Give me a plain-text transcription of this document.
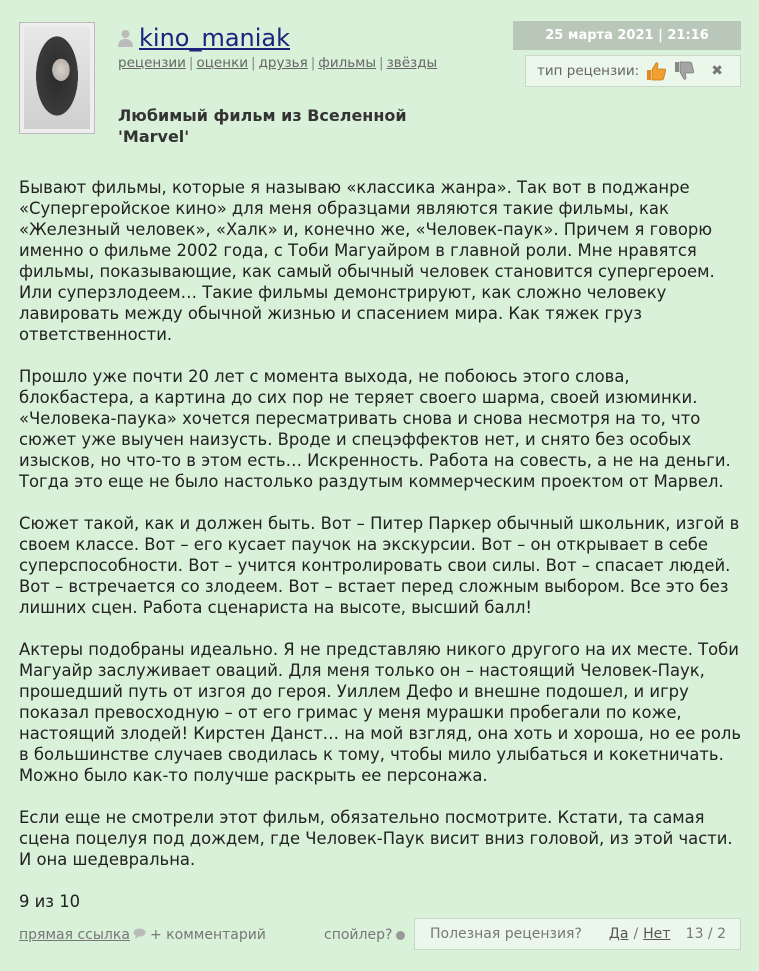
kino_maniak
рецензии | оценки | друзья | фильмы | звёзды
Любимый фильм из Вселенной 'Marvel'
25 марта 2021 | 21:16
тип рецензии:	✖

Бывают фильмы, которые я называю «классика жанра». Так вот в поджанре «Супергеройское кино» для меня образцами являются такие фильмы, как «Железный человек», «Халк» и, конечно же, «Человек-паук». Причем я говорю именно о фильме 2002 года, с Тоби Магуайром в главной роли. Мне нравятся фильмы, показывающие, как самый обычный человек становится супергероем. Или суперзлодеем… Такие фильмы демонстрируют, как сложно человеку лавировать между обычной жизнью и спасением мира. Как тяжек груз ответственности.

Прошло уже почти 20 лет с момента выхода, не побоюсь этого слова, блокбастера, а картина до сих пор не теряет своего шарма, своей изюминки. «Человека-паука» хочется пересматривать снова и снова несмотря на то, что сюжет уже выучен наизусть. Вроде и спецэффектов нет, и снято без особых изысков, но что-то в этом есть… Искренность. Работа на совесть, а не на деньги. Тогда это еще не было настолько раздутым коммерческим проектом от Марвел.

Сюжет такой, как и должен быть. Вот – Питер Паркер обычный школьник, изгой в своем классе. Вот – его кусает паучок на экскурсии. Вот – он открывает в себе суперспособности. Вот – учится контролировать свои силы. Вот – спасает людей. Вот – встречается со злодеем. Вот – встает перед сложным выбором. Все это без лишних сцен. Работа сценариста на высоте, высший балл!

Актеры подобраны идеально. Я не представляю никого другого на их месте. Тоби Магуайр заслуживает оваций. Для меня только он – настоящий Человек-Паук, прошедший путь от изгоя до героя. Уиллем Дефо и внешне подошел, и игру показал превосходную – от его гримас у меня мурашки пробегали по коже, настоящий злодей! Кирстен Данст… на мой взгляд, она хоть и хороша, но ее роль в большинстве случаев сводилась к тому, чтобы мило улыбаться и кокетничать. Можно было как-то получше раскрыть ее персонажа.

Если еще не смотрели этот фильм, обязательно посмотрите. Кстати, та самая сцена поцелуя под дождем, где Человек-Паук висит вниз головой, из этой части. И она шедевральна.

9 из 10

прямая ссылка + комментарий	спойлер?	Полезная рецензия? Да / Нет 13 / 2
